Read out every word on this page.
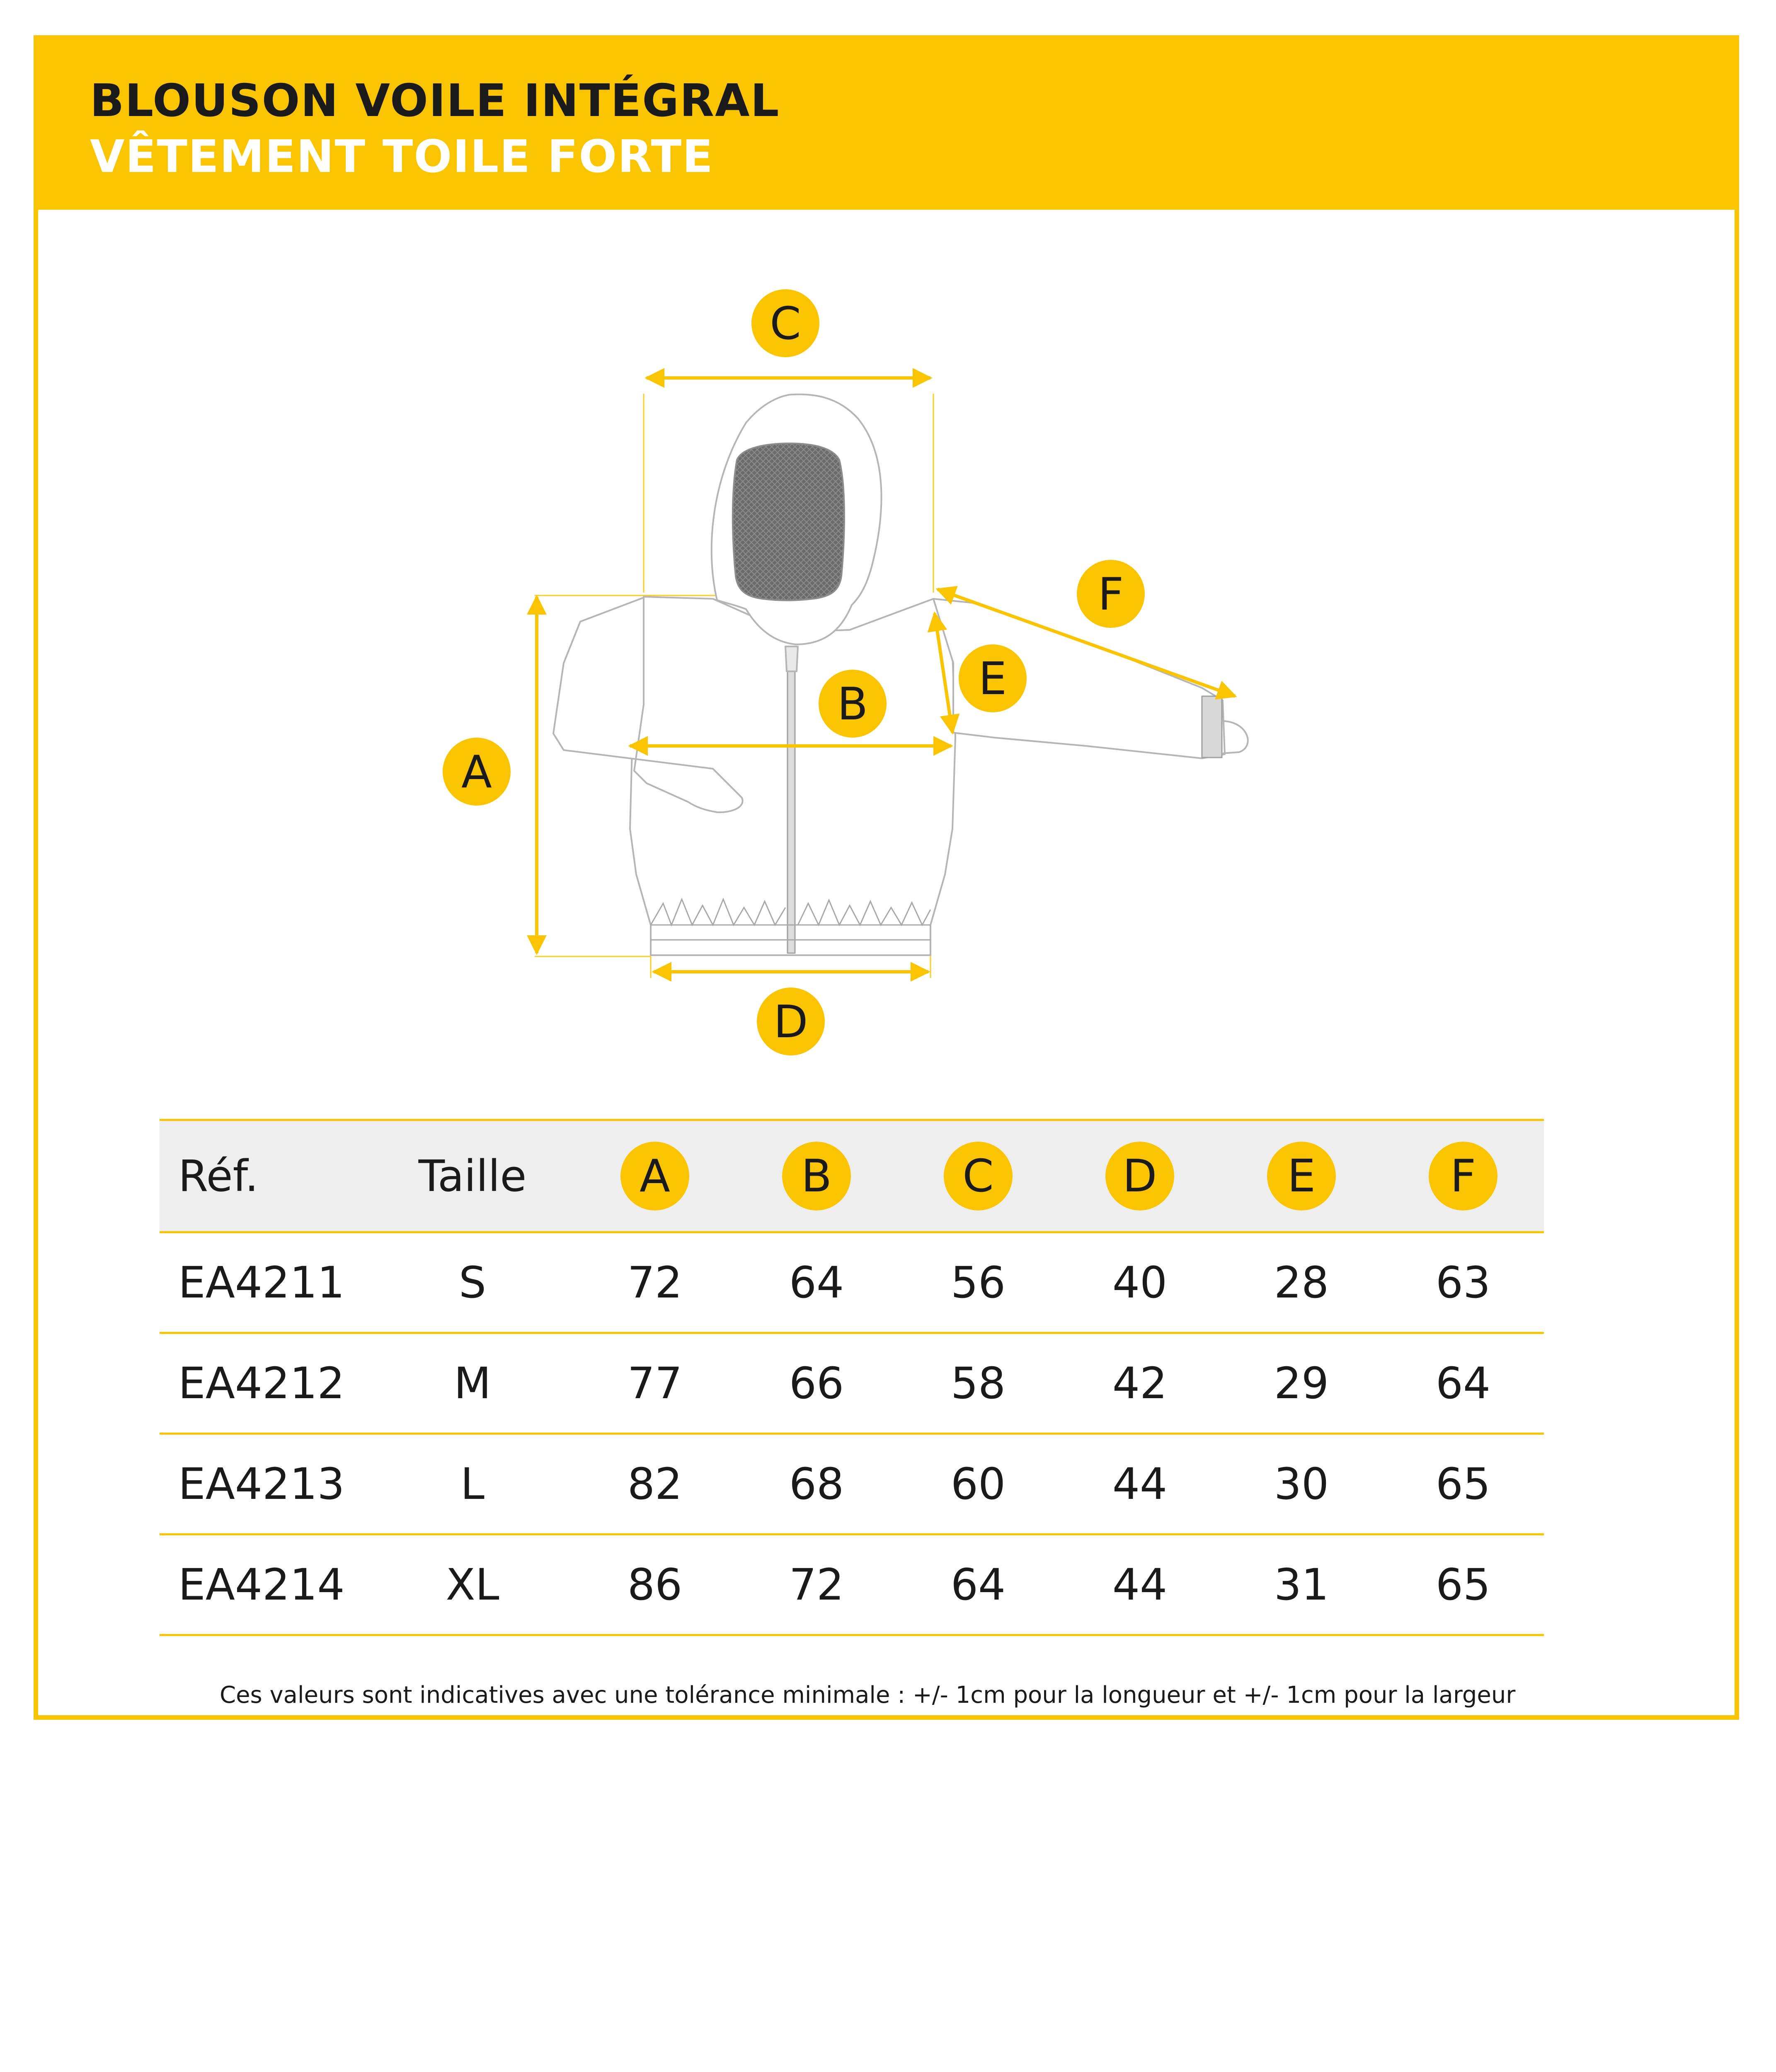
BLOUSON VOILE INTÉGRAL
VÊTEMENT TOILE FORTE
C
A
B
D
E
F
Réf.	Taille	A	B	C	D	E	F
EA4211	S	72 64 56 40 28 63
EA4212	M	77 66 58 42 29 64
EA4213	L	82 68 60 44 30 65
EA4214	XL	86 72 64 44 31 65
Ces valeurs sont indicatives avec une tolérance minimale : +/- 1cm pour la longueur et +/- 1cm pour la largeur
